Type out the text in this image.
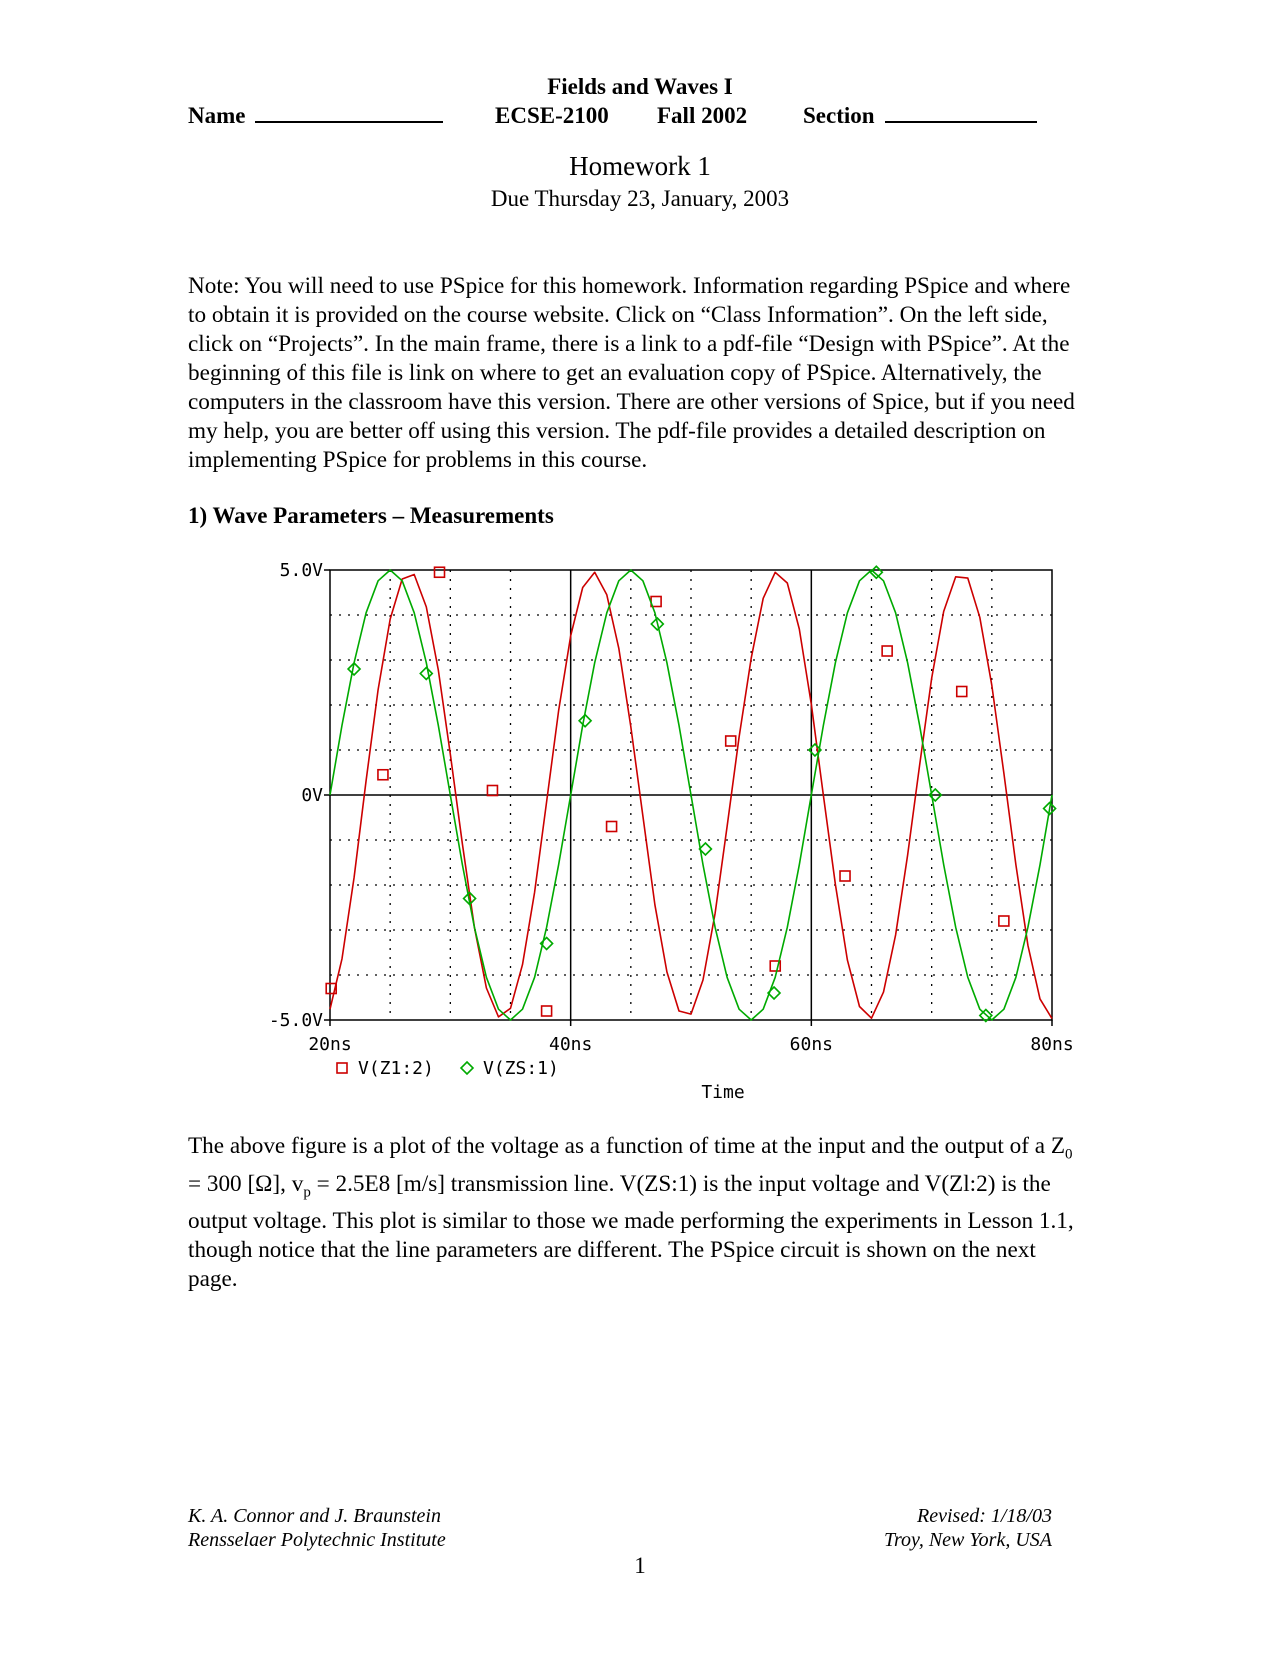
Fields and Waves I
Name	ECSE-2100 Fall 2002 Section
Homework 1
Due Thursday 23, January, 2003
Note: You will need to use PSpice for this homework. Information regarding PSpice and where to obtain it is provided on the course website. Click on “Class Information”. On the left side, click on “Projects”. In the main frame, there is a link to a pdf-file “Design with PSpice”. At the beginning of this file is link on where to get an evaluation copy of PSpice. Alternatively, the computers in the classroom have this version. There are other versions of Spice, but if you need my help, you are better off using this version. The pdf-file provides a detailed description on implementing PSpice for problems in this course.
1) Wave Parameters – Measurements
5.0V
0V
-5.0V
20ns	40ns	60ns	80ns
V(Z1:2)	V(ZS:1)
Time
The above figure is a plot of the voltage as a function of time at the input and the output of a $Z_0 = 300$ [Ω], $v_p = 2.5E8$ [m/s] transmission line. V(ZS:1) is the input voltage and V(Zl:2) is the output voltage. This plot is similar to those we made performing the experiments in Lesson 1.1, though notice that the line parameters are different. The PSpice circuit is shown on the next page.
K. A. Connor and J. Braunstein
Rensselaer Polytechnic Institute
Revised: 1/18/03
Troy, New York, USA
1
